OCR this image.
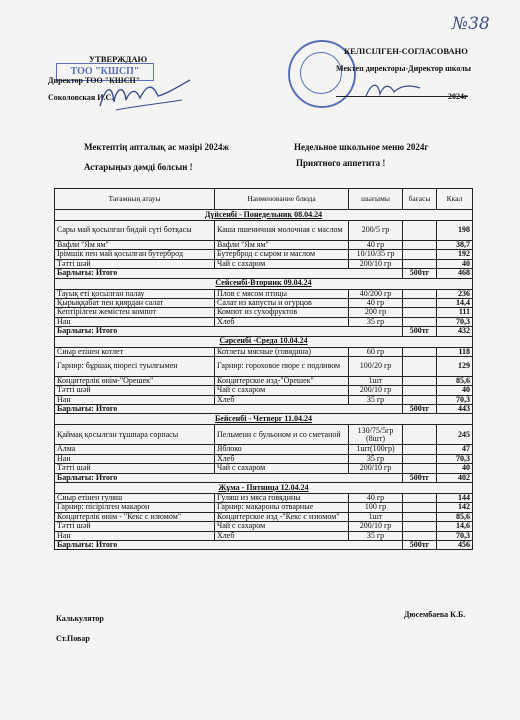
№38
УТВЕРЖДАЮ
ТОО "КШСП"
Директор ТОО "КШСП"
Соколовская И.С.
КЕЛІСІЛГЕН-СОГЛАСОВАНО
Мектеп директоры-Директор школы
2024г
Мектептің апталық ас мәзірі 2024ж	Недельное школьное меню 2024г
Астарыңыз дәмді болсын !	Приятного аппетита !
Тағамның атауы	Наименование блюда	шығымы	бағасы	Ккал
Дүйсенбі - Понедельник 08.04.24				
Сары май қосылған бидай сүті ботқасы	Каша пшеничная молочная с маслом	200/5 гр		198
Вафли "Ям ям"	Вафли "Ям ям"	40 гр		38,7
Ірімшік пен май қосылған бутерброд	Бутерброд с сыром и маслом	10/10/35 гр		192
Тәтті шәй	Чай с сахаром	200/10 гр		40
Барлығы: Итого			500тг	468
Сейсенбі-Вторник 09.04.24				
Тауық еті қосылған палау	Плов с мясом птицы	40/200 гр		236
Қырыққабат пен қиярдан салат	Салат из капусты и огурцов	40 гр		14,4
Кептірілген жемістен компот	Компот из сухофруктов	200 гр		111
Нан	Хлеб	35 гр		70,3
Барлығы: Итого			500тг	432
Сәрсенбі -Среда 10.04.24				
Сиыр етінен котлет	Котлеты мясные (говядина)	60 гр		118
Гарнир: бұршақ пюресі туылғымен	Гарнир: гороховое пюре с подливом	100/20 гр		129
Кондитерлік өнім-"Орешек"	Кондитерское изд-"Орешек"	1шт		85,6
Тәтті шәй	Чай с сахаром	200/10 гр		40
Нан	Хлеб	35 гр		70,3
Барлығы: Итого			500тг	443
Бейсенбі - Четверг 11.04.24				
Қаймақ қосылған тұшпара сорпасы	Пельмени с бульоном и со сметаной	130/75/5гр (8шт)		245
Алма	Яблоко	1шт(100гр)		47
Нан	Хлеб	35 гр		70,3
Тәтті шәй	Чай с сахаром	200/10 гр		40
Барлығы: Итого			500тг	402
Жұма - Пятница 12.04.24				
Сиыр етінен гуляш	Гуляш из мяса говядины	40 гр		144
Гарнир: пісірілген макарон	Гарнир: макароны отварные	100 гр		142
Кондитерлік өнім - "Кекс с изюмом"	Кондитерское изд -"Кекс с изюмом"	1шт		85,6
Тәтті шәй	Чай с сахаром	200/10 гр		14,6
Нан	Хлеб	35 гр		70,3
Барлығы: Итого			500тг	456
Калькулятор
Ст.Повар
Дюсембаева К.Б.
